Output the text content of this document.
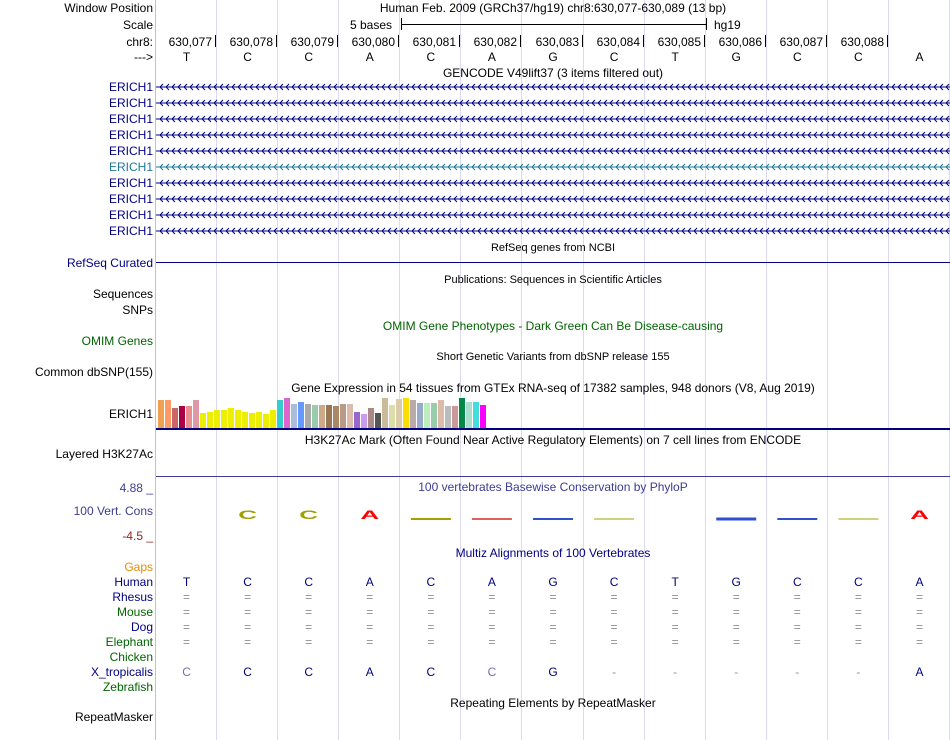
Window Position	Human Feb. 2009 (GRCh37/hg19) chr8:630,077-630,089 (13 bp)
Scale	5 bases	hg19
chr8: 630,077 630,078 630,079 630,080 630,081 630,082 630,083 630,084 630,085 630,086 630,087 630,088
---> T	C	C	A	C	A	G	C	T	G	C	C	A
GENCODE V49lift37 (3 items filtered out)
ERICH1
ERICH1
ERICH1
ERICH1
ERICH1
ERICH1
ERICH1
ERICH1
ERICH1
ERICH1
RefSeq genes from NCBI
RefSeq Curated
Publications: Sequences in Scientific Articles
Sequences
SNPs
OMIM Gene Phenotypes - Dark Green Can Be Disease-causing
OMIM Genes
Short Genetic Variants from dbSNP release 155
Common dbSNP(155)
Gene Expression in 54 tissues from GTEx RNA-seq of 17382 samples, 948 donors (V8, Aug 2019)
ERICH1
H3K27Ac Mark (Often Found Near Active Regulatory Elements) on 7 cell lines from ENCODE
Layered H3K27Ac
100 vertebrates Basewise Conservation by PhyloP
4.88 _
100 Vert. Cons
-4.5 _
C C A	A
Multiz Alignments of 100 Vertebrates
Gaps
Human T	C	C	A	C	A	G	C	T	G	C	C	A
Rhesus	=	=	=	=	=	=	=	=	=	=	=	=	=
Mouse	=	=	=	=	=	=	=	=	=	=	=	=	=
Dog	=	=	=	=	=	=	=	=	=	=	=	=	=
Elephant	=	=	=	=	=	=	=	=	=	=	=	=	=
Chicken
X_tropicalis C	C	C	A	C	C	G	-	-	-	-	-	A
Zebrafish
Repeating Elements by RepeatMasker
RepeatMasker
